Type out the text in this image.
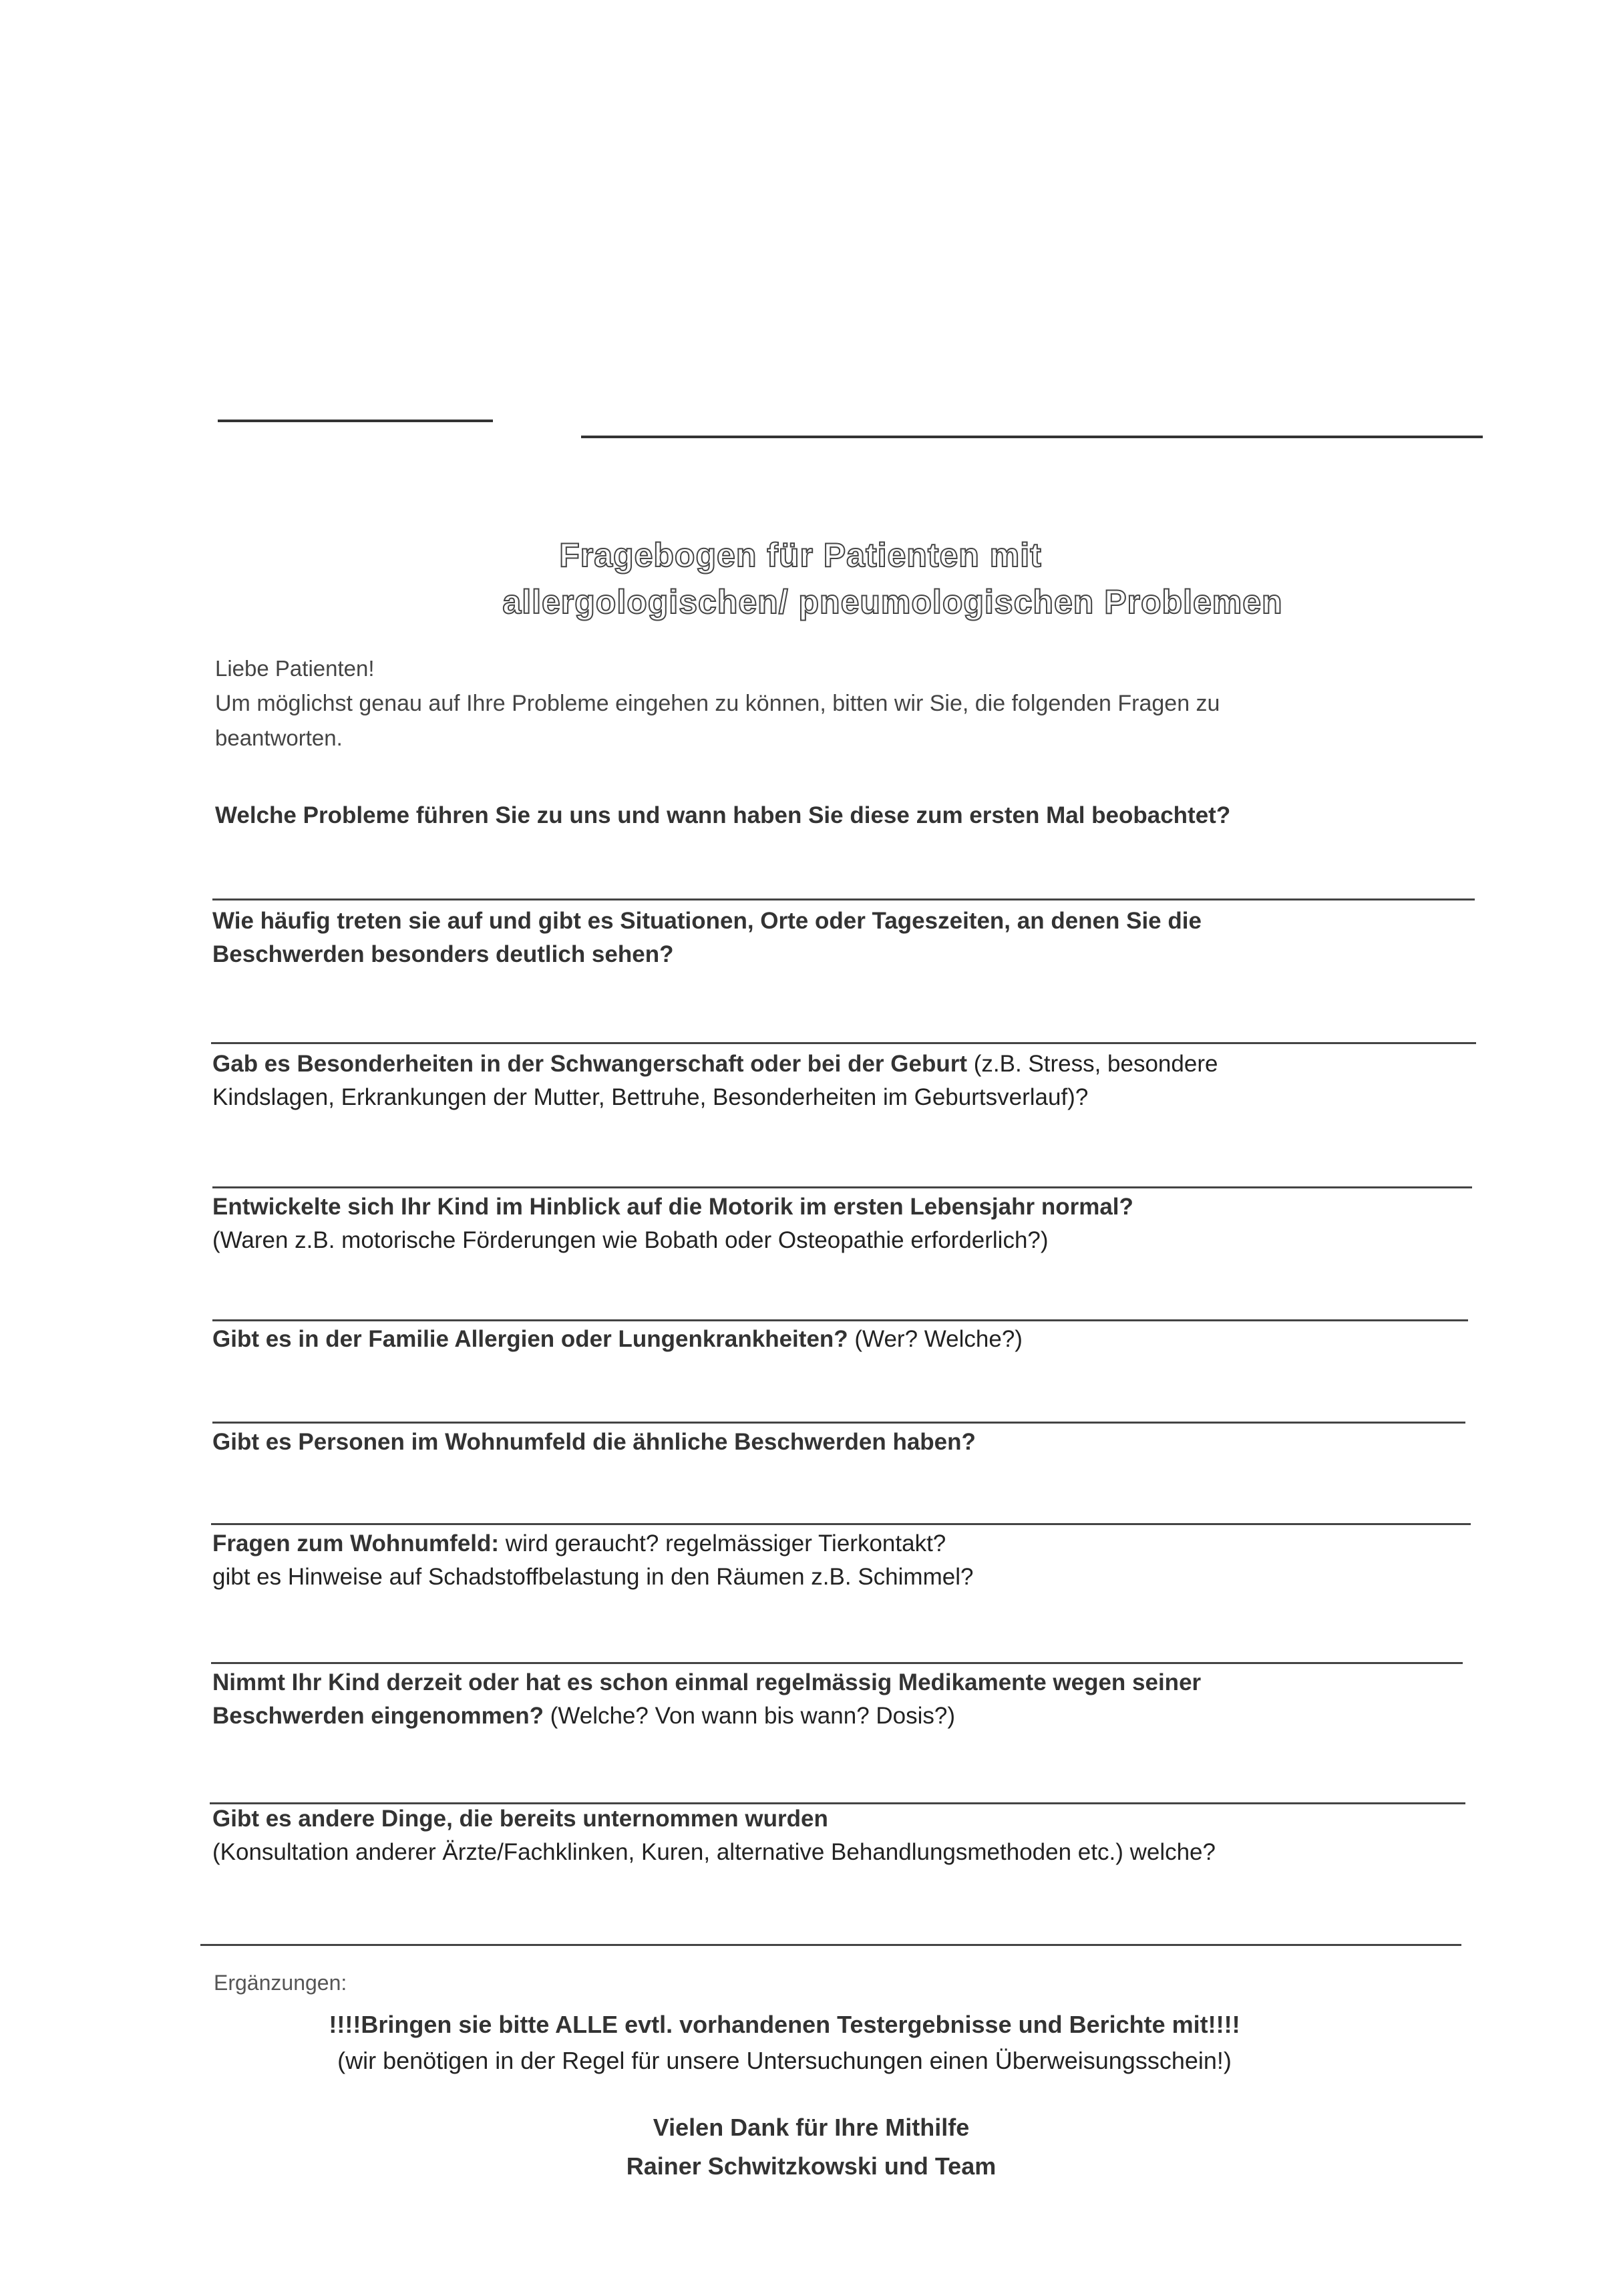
Fragebogen für Patienten mit
allergologischen/ pneumologischen Problemen
Liebe Patienten!
Um möglichst genau auf Ihre Probleme eingehen zu können, bitten wir Sie, die folgenden Fragen zu
beantworten.
Welche Probleme führen Sie zu uns und wann haben Sie diese zum ersten Mal beobachtet?
Wie häufig treten sie auf und gibt es Situationen, Orte oder Tageszeiten, an denen Sie die
Beschwerden besonders deutlich sehen?
Gab es Besonderheiten in der Schwangerschaft oder bei der Geburt (z.B. Stress, besondere
Kindslagen, Erkrankungen der Mutter, Bettruhe, Besonderheiten im Geburtsverlauf)?
Entwickelte sich Ihr Kind im Hinblick auf die Motorik im ersten Lebensjahr normal?
(Waren z.B. motorische Förderungen wie Bobath oder Osteopathie erforderlich?)
Gibt es in der Familie Allergien oder Lungenkrankheiten? (Wer? Welche?)
Gibt es Personen im Wohnumfeld die ähnliche Beschwerden haben?
Fragen zum Wohnumfeld: wird geraucht? regelmässiger Tierkontakt?
gibt es Hinweise auf Schadstoffbelastung in den Räumen z.B. Schimmel?
Nimmt Ihr Kind derzeit oder hat es schon einmal regelmässig Medikamente wegen seiner
Beschwerden eingenommen? (Welche? Von wann bis wann? Dosis?)
Gibt es andere Dinge, die bereits unternommen wurden
(Konsultation anderer Ärzte/Fachklinken, Kuren, alternative Behandlungsmethoden etc.) welche?
Ergänzungen:
!!!!Bringen sie bitte ALLE evtl. vorhandenen Testergebnisse und Berichte mit!!!!
(wir benötigen in der Regel für unsere Untersuchungen einen Überweisungsschein!)
Vielen Dank für Ihre Mithilfe
Rainer Schwitzkowski und Team
